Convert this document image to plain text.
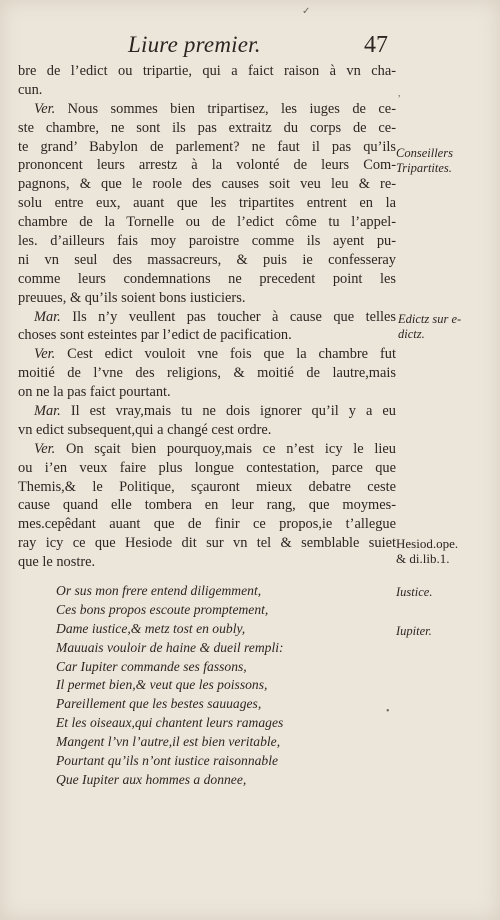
Liure premier.	47
bre de l’edict ou tripartie, qui a faict raison à vn cha-
cun.
Ver. Nous sommes bien tripartisez, les iuges de ce-
ste chambre, ne sont ils pas extraitz du corps de ce-
te grand’ Babylon de parlement? ne faut il pas qu’ils
prononcent leurs arrestz à la volonté de leurs Com-
pagnons, & que le roole des causes soit veu leu & re-
solu entre eux, auant que les tripartites entrent en la
chambre de la Tornelle ou de l’edict côme tu l’appel-
les. d’ailleurs fais moy paroistre comme ils ayent pu-
ni vn seul des massacreurs, & puis ie confesseray
comme leurs condemnations ne precedent point les
preuues, & qu’ils soient bons iusticiers.
Mar. Ils n’y veullent pas toucher à cause que telles
choses sont esteintes par l’edict de pacification.
Ver. Cest edict vouloit vne fois que la chambre fut
moitié de l’vne des religions, & moitié de lautre,mais
on ne la pas faict pourtant.
Mar. Il est vray,mais tu ne dois ignorer qu’il y a eu
vn edict subsequent,qui a changé cest ordre.
Ver. On sçait bien pourquoy,mais ce n’est icy le lieu
ou i’en veux faire plus longue contestation, parce que
Themis,& le Politique, sçauront mieux debatre ceste
cause quand elle tombera en leur rang, que moymes-
mes.cepêdant auant que de finir ce propos,ie t’allegue
ray icy ce que Hesiode dit sur vn tel & semblable suiet
que le nostre.
Or sus mon frere entend diligemment,
Ces bons propos escoute promptement,
Dame iustice,& metz tost en oubly,
Mauuais vouloir de haine & dueil rempli:
Car Iupiter commande ses fassons,
Il permet bien,& veut que les poissons,
Pareillement que les bestes sauuages,
Et les oiseaux,qui chantent leurs ramages
Mangent l’vn l’autre,il est bien veritable,
Pourtant qu’ils n’ont iustice raisonnable
Que Iupiter aux hommes a donnee,
Conseillers
Tripartites.
Edictz sur e-
dictz.
Hesiod.ope.
& di.lib.1.
Iustice.
Iupiter.
✓
,
•
